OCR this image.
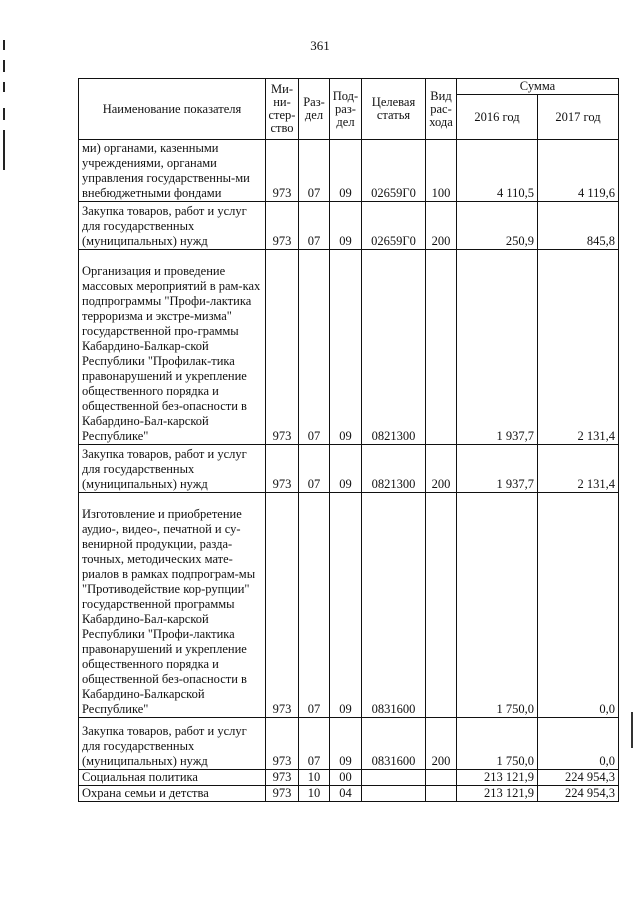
361
Наименование показателя	Ми-
ни-
стер-
ство	Раз-
дел	Под-
раз-
дел	Целевая
статья	Вид
рас-
хода	Сумма	
						2016 год	2017 год
ми) органами, казенными учреждениями, органами управления государственны-ми внебюджетными фондами	973	07	09	02659Г0	100	4 110,5	4 119,6
Закупка товаров, работ и услуг для государственных (муниципальных) нужд	973	07	09	02659Г0	200	250,9	845,8
Организация и проведение массовых мероприятий в рам-ках подпрограммы "Профи-лактика терроризма и экстре-мизма" государственной про-граммы Кабардино-Балкар-ской Республики "Профилак-тика правонарушений и укрепление общественного порядка и общественной без-опасности в Кабардино-Бал-карской Республике"	973	07	09	0821300		1 937,7	2 131,4
Закупка товаров, работ и услуг для государственных (муниципальных) нужд	973	07	09	0821300	200	1 937,7	2 131,4
Изготовление и приобретение аудио-, видео-, печатной и су-венирной продукции, разда-точных, методических мате-риалов в рамках подпрограм-мы "Противодействие кор-рупции" государственной программы Кабардино-Бал-карской Республики "Профи-лактика правонарушений и укрепление общественного порядка и общественной без-опасности в Кабардино-Балкарской Республике"	973	07	09	0831600		1 750,0	0,0
Закупка товаров, работ и услуг для государственных (муниципальных) нужд	973	07	09	0831600	200	1 750,0	0,0
Социальная политика	973	10	00			213 121,9	224 954,3
Охрана семьи и детства	973	10	04			213 121,9	224 954,3
